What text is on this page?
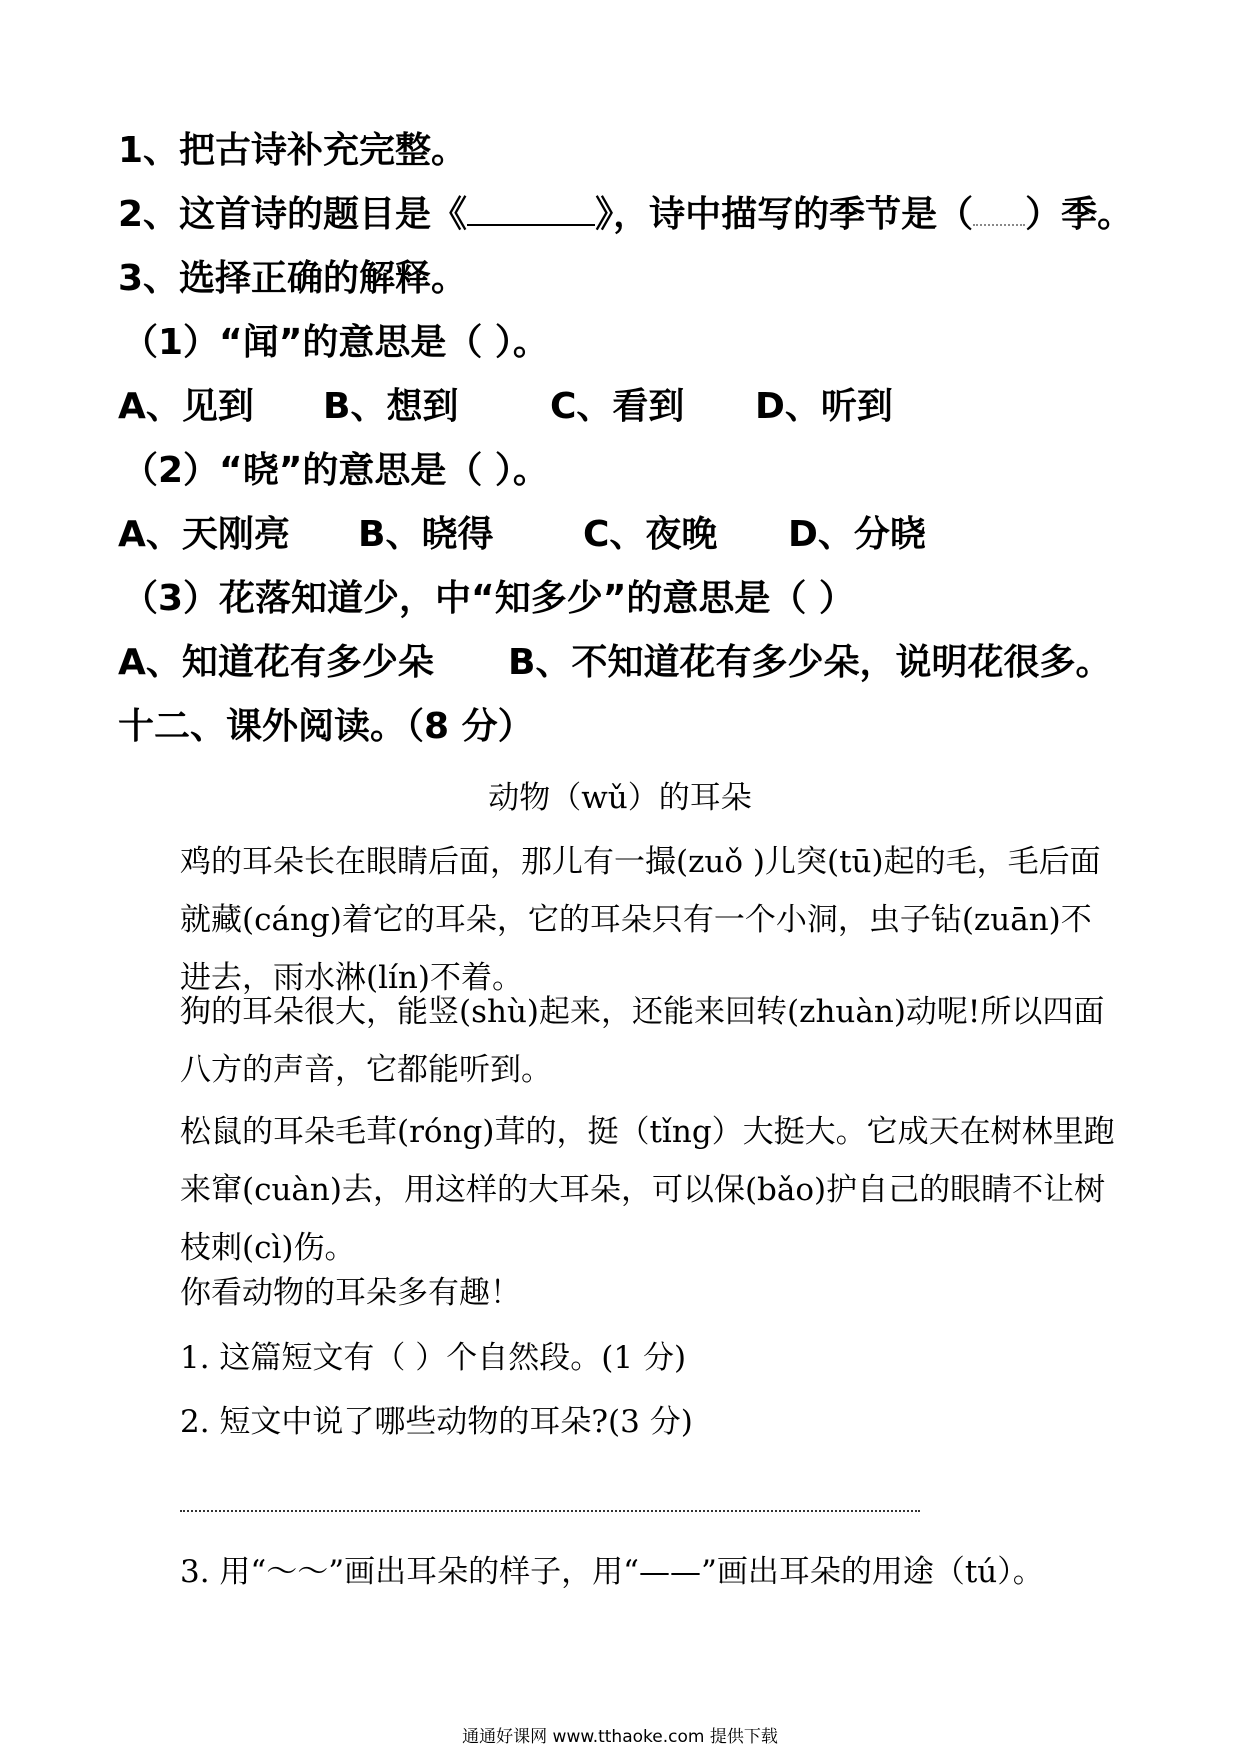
1、把古诗补充完整。
2、这首诗的题目是《	》，诗中描写的季节是（ ）季。
3、选择正确的解释。
（1）“闻”的意思是（ ）。
A、见到 B、想到	C、看到 D、听到
（2）“晓”的意思是（ ）。
A、天刚亮 B、晓得 C、夜晚 D、分晓
（3）花落知道少，中“知多少”的意思是（ ）
A、知道花有多少朵 B、不知道花有多少朵，说明花很多。
十二、课外阅读。（8 分）
动物（wǔ）的耳朵
鸡的耳朵长在眼睛后面，那儿有一撮(zuǒ )儿突(tū)起的毛，毛后面就藏(cáng)着它的耳朵，它的耳朵只有一个小洞，虫子钻(zuān)不进去，雨水淋(lín)不着。
狗的耳朵很大，能竖(shù)起来，还能来回转(zhuàn)动呢!所以四面八方的声音，它都能听到。
松鼠的耳朵毛茸(róng)茸的，挺（tǐng）大挺大。它成天在树林里跑来窜(cuàn)去，用这样的大耳朵，可以保(bǎo)护自己的眼睛不让树枝刺(cì)伤。
你看动物的耳朵多有趣！
1. 这篇短文有（ ）个自然段。(1 分)
2. 短文中说了哪些动物的耳朵?(3 分)
3. 用“～～”画出耳朵的样子，用“——”画出耳朵的用途（tú）。
通通好课网 www.tthaoke.com 提供下载
